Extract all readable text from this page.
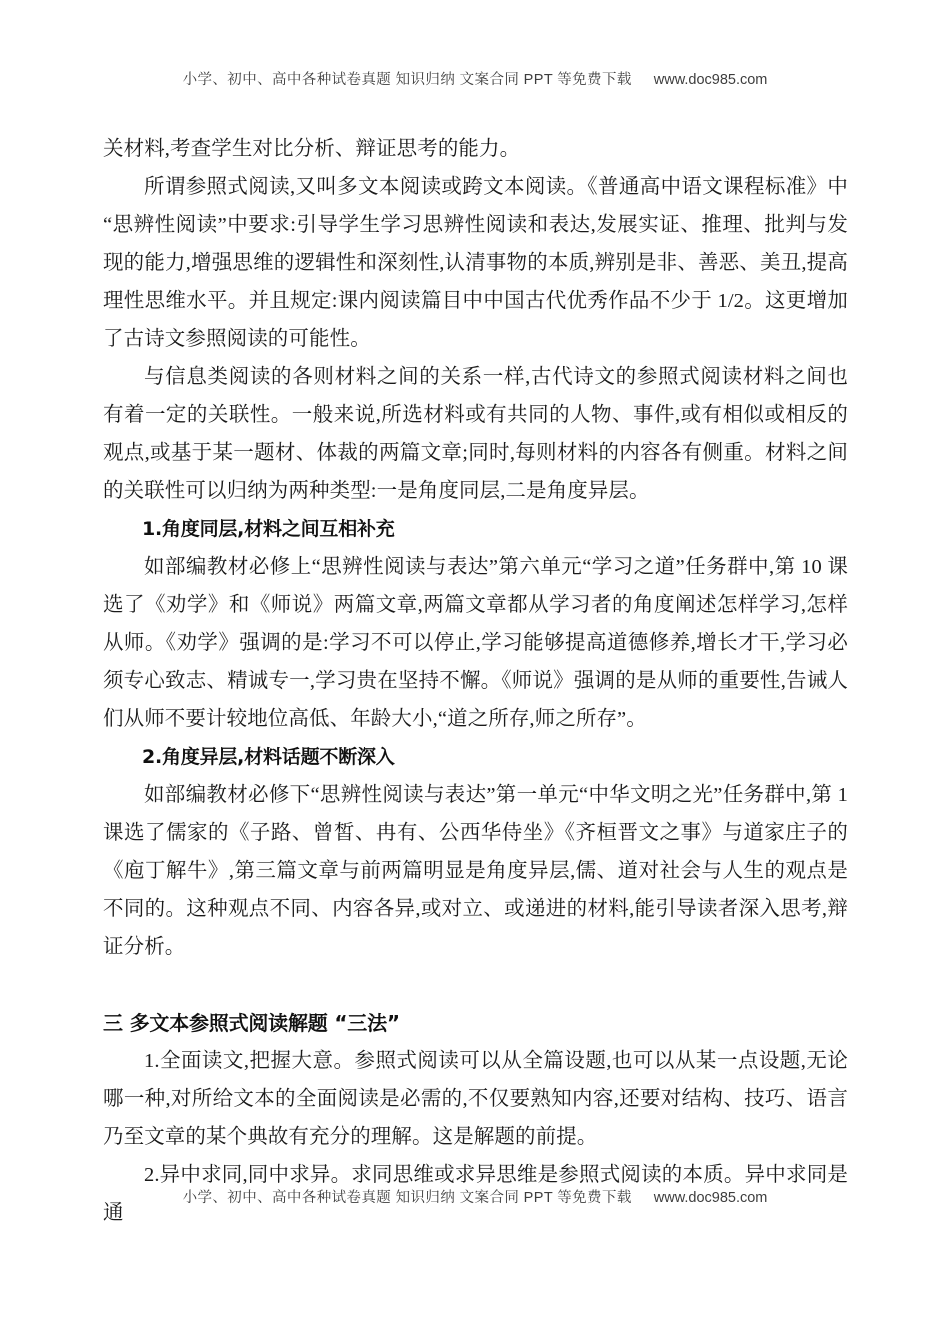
小学、初中、高中各种试卷真题 知识归纳 文案合同 PPT 等免费下载 www.doc985.com

关材料,考查学生对比分析、辩证思考的能力。

所谓参照式阅读,又叫多文本阅读或跨文本阅读。《普通高中语文课程标准》中“思辨性阅读”中要求:引导学生学习思辨性阅读和表达,发展实证、推理、批判与发现的能力,增强思维的逻辑性和深刻性,认清事物的本质,辨别是非、善恶、美丑,提高理性思维水平。并且规定:课内阅读篇目中中国古代优秀作品不少于 1/2。这更增加了古诗文参照阅读的可能性。

与信息类阅读的各则材料之间的关系一样,古代诗文的参照式阅读材料之间也有着一定的关联性。一般来说,所选材料或有共同的人物、事件,或有相似或相反的观点,或基于某一题材、体裁的两篇文章;同时,每则材料的内容各有侧重。材料之间的关联性可以归纳为两种类型:一是角度同层,二是角度异层。

1.角度同层,材料之间互相补充

如部编教材必修上“思辨性阅读与表达”第六单元“学习之道”任务群中,第 10 课选了《劝学》和《师说》两篇文章,两篇文章都从学习者的角度阐述怎样学习,怎样从师。《劝学》强调的是:学习不可以停止,学习能够提高道德修养,增长才干,学习必须专心致志、精诚专一,学习贵在坚持不懈。《师说》强调的是从师的重要性,告诫人们从师不要计较地位高低、年龄大小,“道之所存,师之所存”。

2.角度异层,材料话题不断深入

如部编教材必修下“思辨性阅读与表达”第一单元“中华文明之光”任务群中,第 1 课选了儒家的《子路、曾皙、冉有、公西华侍坐》《齐桓晋文之事》与道家庄子的《庖丁解牛》,第三篇文章与前两篇明显是角度异层,儒、道对社会与人生的观点是不同的。这种观点不同、内容各异,或对立、或递进的材料,能引导读者深入思考,辩证分析。

三 多文本参照式阅读解题 “三法”

1.全面读文,把握大意。参照式阅读可以从全篇设题,也可以从某一点设题,无论哪一种,对所给文本的全面阅读是必需的,不仅要熟知内容,还要对结构、技巧、语言乃至文章的某个典故有充分的理解。这是解题的前提。

2.异中求同,同中求异。求同思维或求异思维是参照式阅读的本质。异中求同是通

小学、初中、高中各种试卷真题 知识归纳 文案合同 PPT 等免费下载 www.doc985.com
